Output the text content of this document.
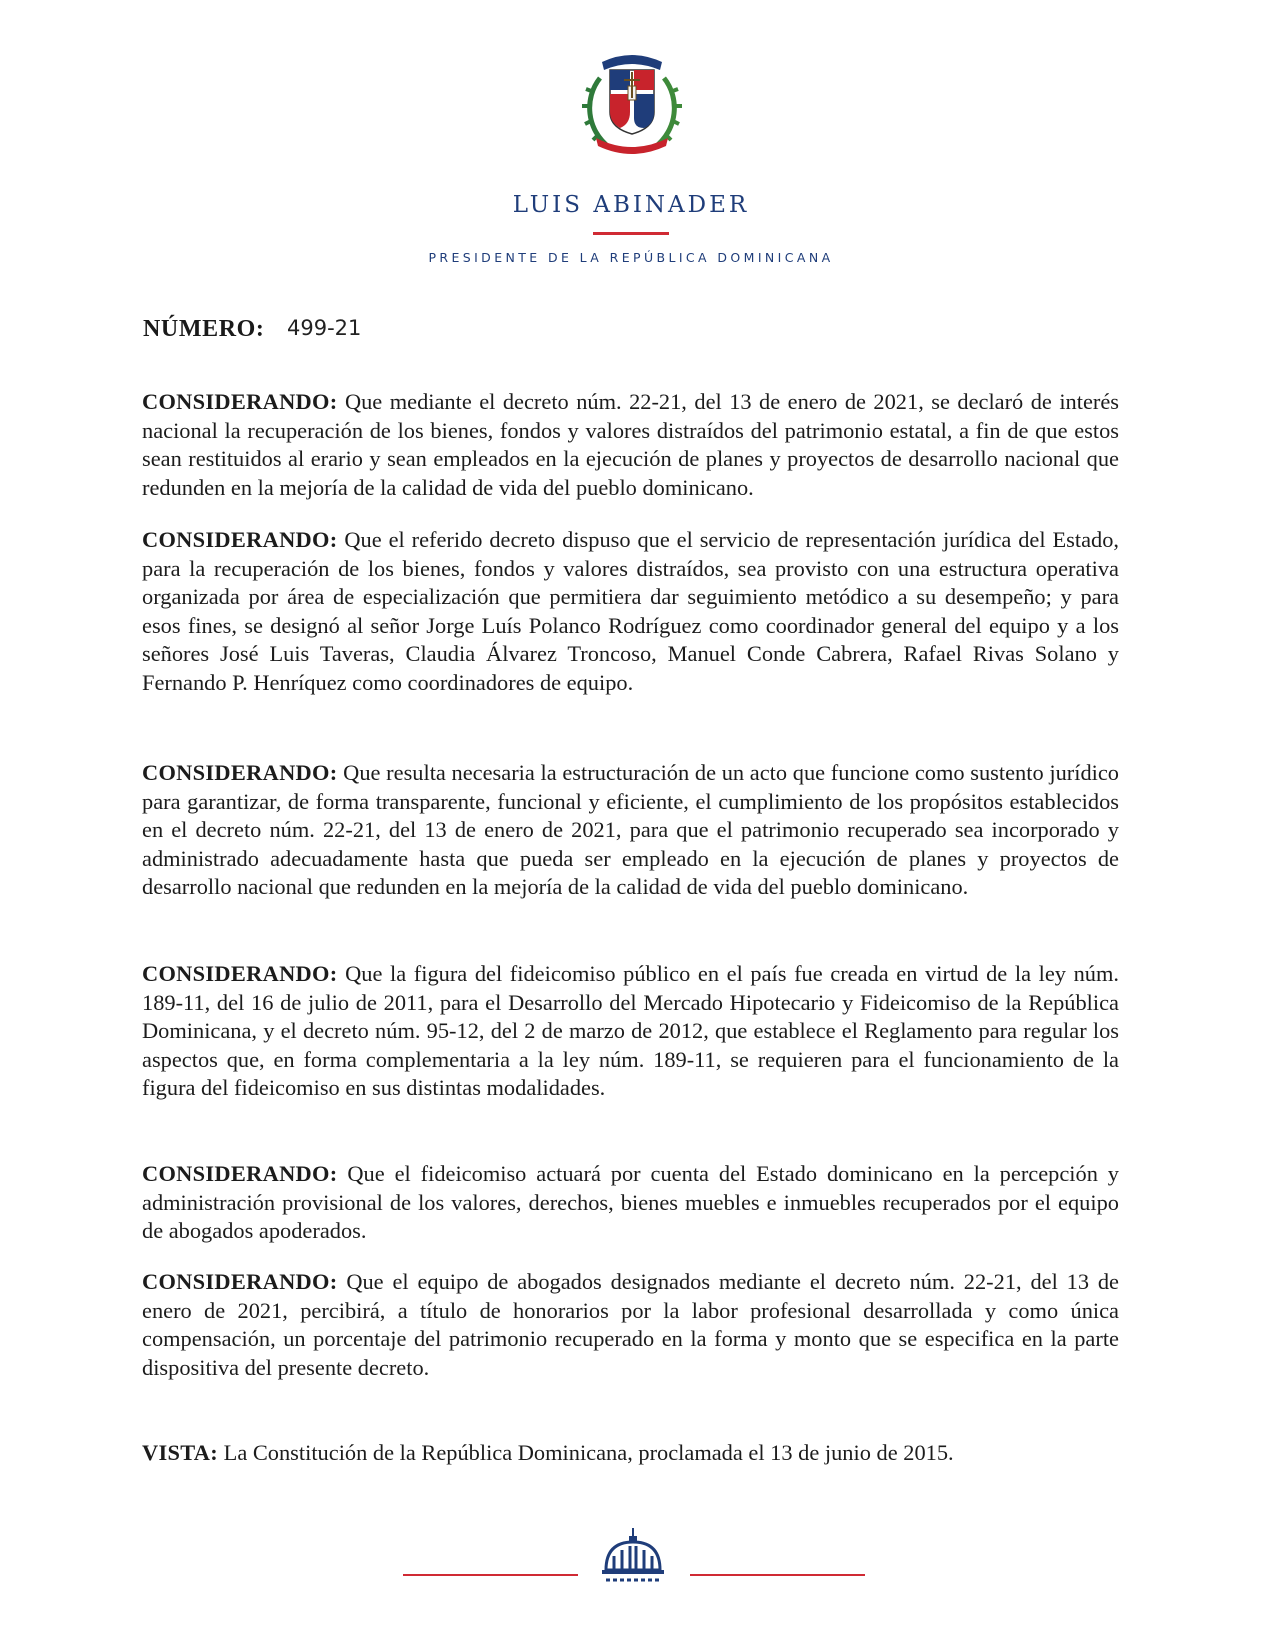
LUIS ABINADER
PRESIDENTE DE LA REPÚBLICA DOMINICANA
NÚMERO: 499-21
CONSIDERANDO: Que mediante el decreto núm. 22-21, del 13 de enero de 2021, se declaró de interés nacional la recuperación de los bienes, fondos y valores distraídos del patrimonio estatal, a fin de que estos sean restituidos al erario y sean empleados en la ejecución de planes y proyectos de desarrollo nacional que redunden en la mejoría de la calidad de vida del pueblo dominicano.
CONSIDERANDO: Que el referido decreto dispuso que el servicio de representación jurídica del Estado, para la recuperación de los bienes, fondos y valores distraídos, sea provisto con una estructura operativa organizada por área de especialización que permitiera dar seguimiento metódico a su desempeño; y para esos fines, se designó al señor Jorge Luís Polanco Rodríguez como coordinador general del equipo y a los señores José Luis Taveras, Claudia Álvarez Troncoso, Manuel Conde Cabrera, Rafael Rivas Solano y Fernando P. Henríquez como coordinadores de equipo.
CONSIDERANDO: Que resulta necesaria la estructuración de un acto que funcione como sustento jurídico para garantizar, de forma transparente, funcional y eficiente, el cumplimiento de los propósitos establecidos en el decreto núm. 22-21, del 13 de enero de 2021, para que el patrimonio recuperado sea incorporado y administrado adecuadamente hasta que pueda ser empleado en la ejecución de planes y proyectos de desarrollo nacional que redunden en la mejoría de la calidad de vida del pueblo dominicano.
CONSIDERANDO: Que la figura del fideicomiso público en el país fue creada en virtud de la ley núm. 189-11, del 16 de julio de 2011, para el Desarrollo del Mercado Hipotecario y Fideicomiso de la República Dominicana, y el decreto núm. 95-12, del 2 de marzo de 2012, que establece el Reglamento para regular los aspectos que, en forma complementaria a la ley núm. 189-11, se requieren para el funcionamiento de la figura del fideicomiso en sus distintas modalidades.
CONSIDERANDO: Que el fideicomiso actuará por cuenta del Estado dominicano en la percepción y administración provisional de los valores, derechos, bienes muebles e inmuebles recuperados por el equipo de abogados apoderados.
CONSIDERANDO: Que el equipo de abogados designados mediante el decreto núm. 22-21, del 13 de enero de 2021, percibirá, a título de honorarios por la labor profesional desarrollada y como única compensación, un porcentaje del patrimonio recuperado en la forma y monto que se especifica en la parte dispositiva del presente decreto.
VISTA: La Constitución de la República Dominicana, proclamada el 13 de junio de 2015.
